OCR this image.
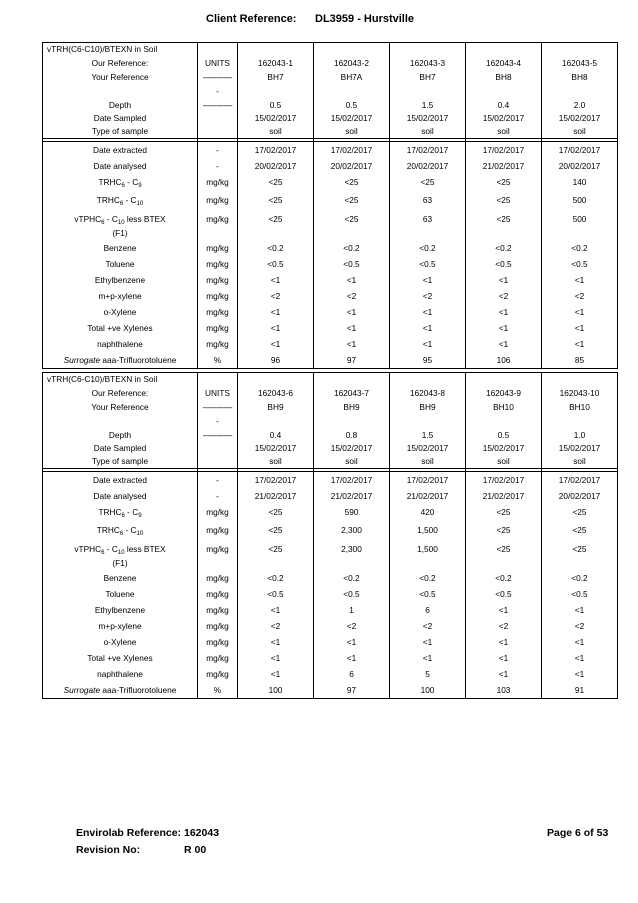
Client Reference: DL3959 - Hurstville
vTRH(C6-C10)/BTEXN in Soil						
Our Reference:	UNITS	162043-1	162043-2	162043-3	162043-4	162043-5
Your Reference	-------------	BH7	BH7A	BH7	BH8	BH8
	-					
Depth	-------------	0.5	0.5	1.5	0.4	2.0
Date Sampled		15/02/2017	15/02/2017	15/02/2017	15/02/2017	15/02/2017
Type of sample		soil	soil	soil	soil	soil

Date extracted	-	17/02/2017	17/02/2017	17/02/2017	17/02/2017	17/02/2017
Date analysed	-	20/02/2017	20/02/2017	20/02/2017	21/02/2017	20/02/2017
$TRHC_6 - C_9$	mg/kg	<25	<25	<25	<25	140
$TRHC_6 - C_{10}$	mg/kg	<25	<25	63	<25	500
vTPHC$_6$ - $C_{10}$ less BTEX
(F1)	mg/kg	<25	<25	63	<25	500
Benzene	mg/kg	<0.2	<0.2	<0.2	<0.2	<0.2
Toluene	mg/kg	<0.5	<0.5	<0.5	<0.5	<0.5
Ethylbenzene	mg/kg	<1	<1	<1	<1	<1
m+p-xylene	mg/kg	<2	<2	<2	<2	<2
o-Xylene	mg/kg	<1	<1	<1	<1	<1
Total +ve Xylenes	mg/kg	<1	<1	<1	<1	<1
naphthalene	mg/kg	<1	<1	<1	<1	<1
Surrogate aaa-Trifluorotoluene	%	96	97	95	106	85
vTRH(C6-C10)/BTEXN in Soil						
Our Reference:	UNITS	162043-6	162043-7	162043-8	162043-9	162043-10
Your Reference	-------------	BH9	BH9	BH9	BH10	BH10
	-					
Depth	-------------	0.4	0.8	1.5	0.5	1.0
Date Sampled		15/02/2017	15/02/2017	15/02/2017	15/02/2017	15/02/2017
Type of sample		soil	soil	soil	soil	soil

Date extracted	-	17/02/2017	17/02/2017	17/02/2017	17/02/2017	17/02/2017
Date analysed	-	21/02/2017	21/02/2017	21/02/2017	21/02/2017	20/02/2017
$TRHC_6 - C_9$	mg/kg	<25	590	420	<25	<25
$TRHC_6 - C_{10}$	mg/kg	<25	2,300	1,500	<25	<25
vTPHC$_6$ - $C_{10}$ less BTEX
(F1)	mg/kg	<25	2,300	1,500	<25	<25
Benzene	mg/kg	<0.2	<0.2	<0.2	<0.2	<0.2
Toluene	mg/kg	<0.5	<0.5	<0.5	<0.5	<0.5
Ethylbenzene	mg/kg	<1	1	6	<1	<1
m+p-xylene	mg/kg	<2	<2	<2	<2	<2
o-Xylene	mg/kg	<1	<1	<1	<1	<1
Total +ve Xylenes	mg/kg	<1	<1	<1	<1	<1
naphthalene	mg/kg	<1	6	5	<1	<1
Surrogate aaa-Trifluorotoluene	%	100	97	100	103	91
Envirolab Reference: 162043
Revision No:	R 00
Page 6 of 53
